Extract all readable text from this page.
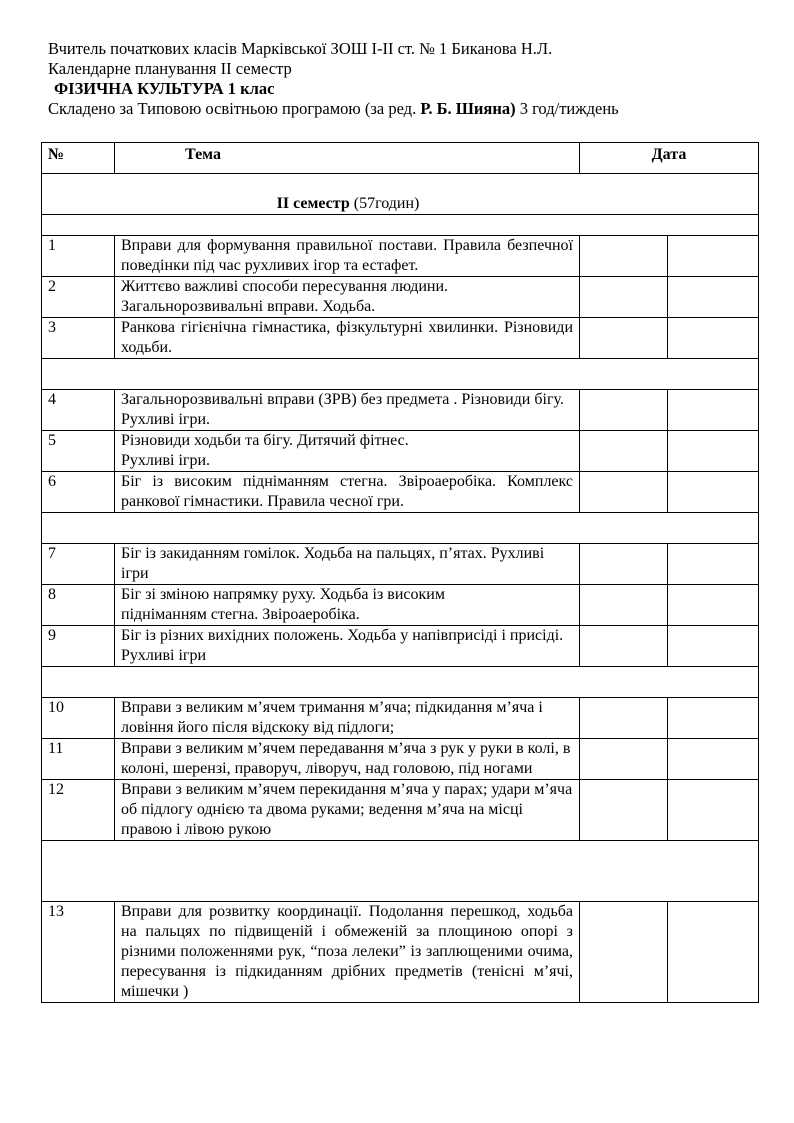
Вчитель початкових класів Марківської ЗОШ І-ІІ ст. № 1 Биканова Н.Л.
Календарне планування ІІ семестр
ФІЗИЧНА КУЛЬТУРА 1 клас
Складено за Типовою освітньою програмою (за ред. Р. Б. Шияна) 3 год/тиждень
№	Тема	Дата	
ІІ семестр (57годин)			

1	Вправи для формування правильної постави. Правила безпечної поведінки під час рухливих ігор та естафет.		
2	Життєво важливі способи пересування людини. Загальнорозвивальні вправи. Ходьба.		
3	Ранкова гігієнічна гімнастика, фізкультурні хвилинки. Різновиди ходьби.		

4	Загальнорозвивальні вправи (ЗРВ) без предмета . Різновиди бігу. Рухливі ігри.		
5	Різновиди ходьби та бігу. Дитячий фітнес. Рухливі ігри.		
6	Біг із високим підніманням стегна. Звіроаеробіка. Комплекс ранкової гімнастики. Правила чесної гри.		

7	Біг із закиданням гомілок. Ходьба на пальцях, п’ятах. Рухливі ігри		
8	Біг зі зміною напрямку руху. Ходьба із високим підніманням стегна. Звіроаеробіка.		
9	Біг із різних вихідних положень. Ходьба у напівприсіді і присіді. Рухливі ігри		

10	Вправи з великим м’ячем тримання м’яча; підкидання м’яча і ловіння його після відскоку від підлоги;		
11	Вправи з великим м’ячем передавання м’яча з рук у руки в колі, в колоні, шерензі, праворуч, ліворуч, над головою, під ногами		
12	Вправи з великим м’ячем перекидання м’яча у парах; удари м’яча об підлогу однією та двома руками; ведення м’яча на місці правою і лівою рукою		

13	Вправи для розвитку координації. Подолання перешкод, ходьба на пальцях по підвищеній і обмеженій за площиною опорі з різними положеннями рук, “поза лелеки” із заплющеними очима, пересування із підкиданням дрібних предметів (тенісні м’ячі, мішечки )		
